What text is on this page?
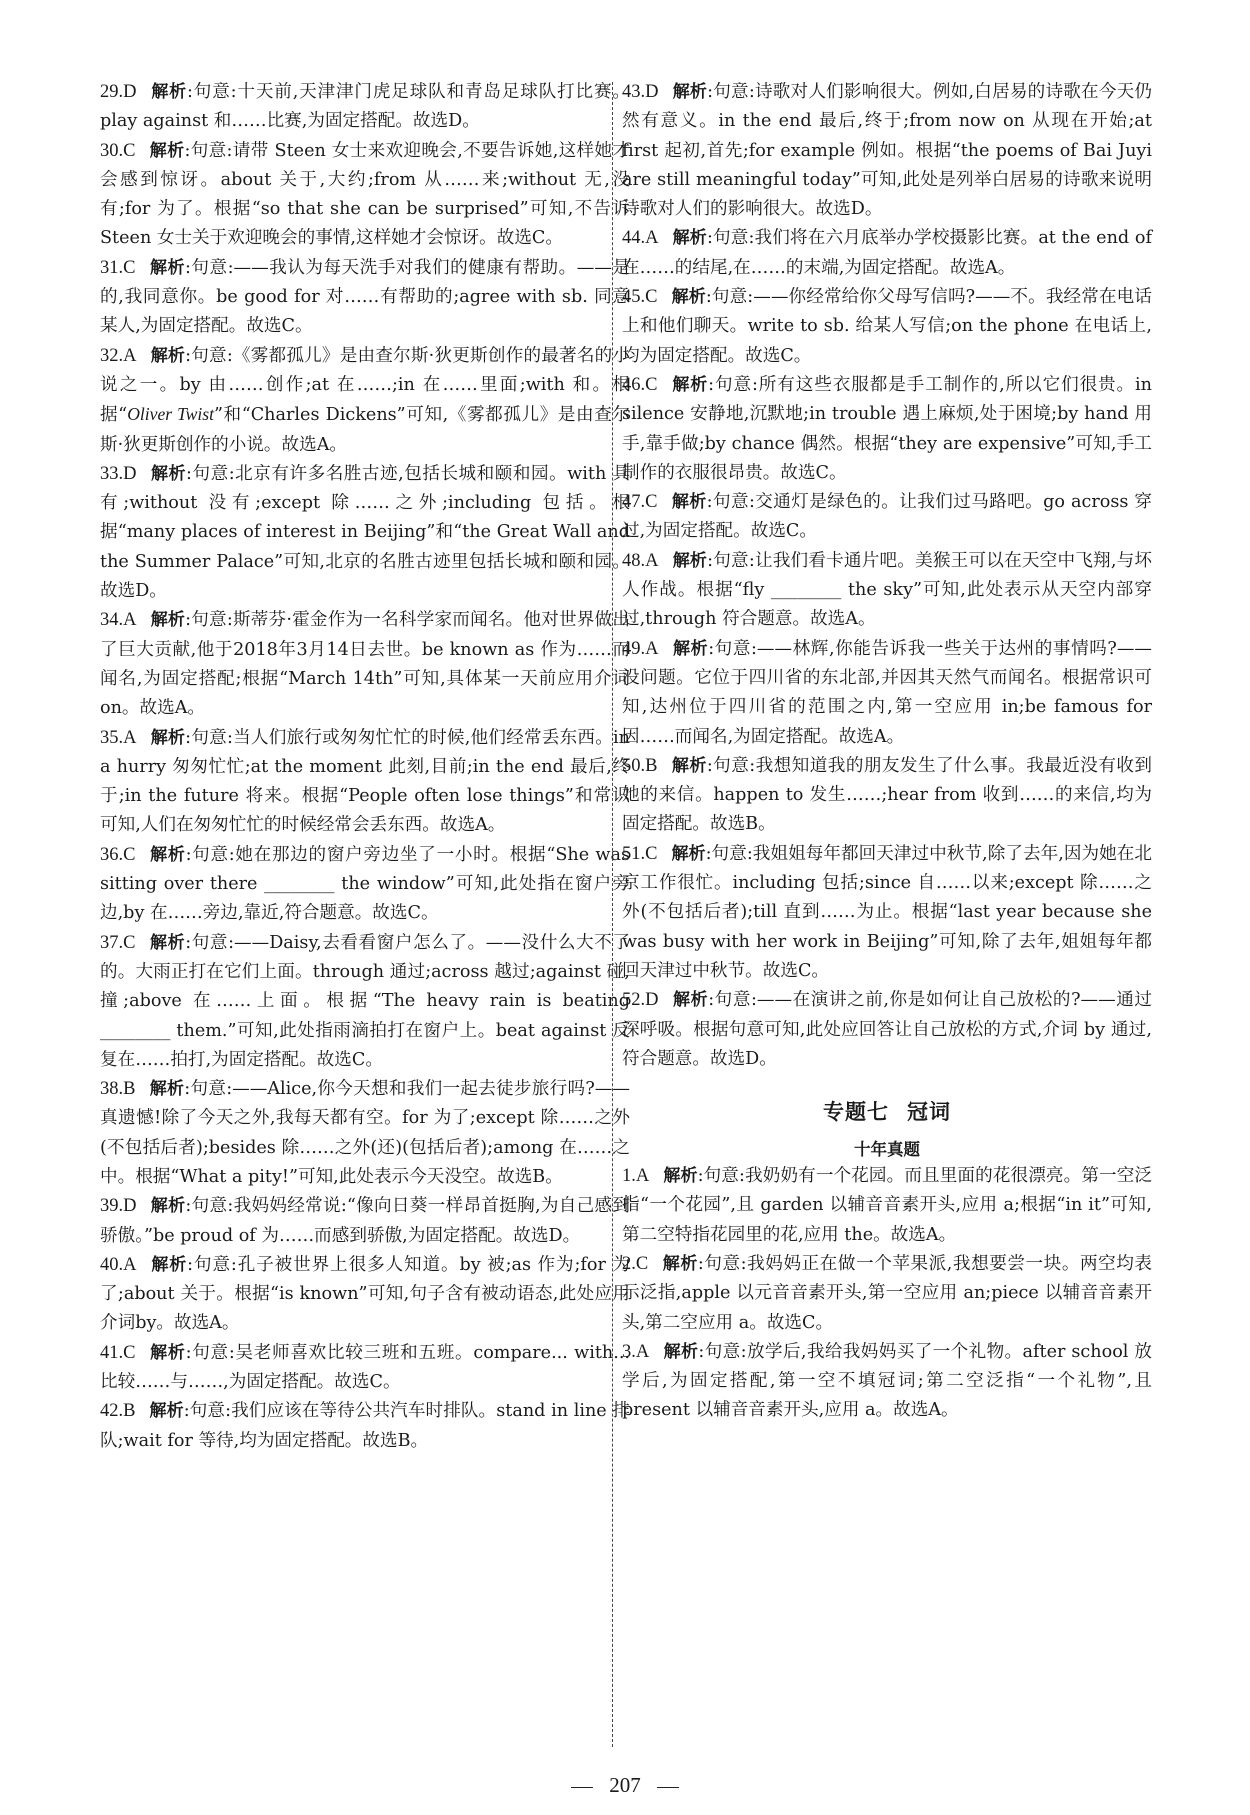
29.D 解析:句意:十天前,天津津门虎足球队和青岛足球队打比赛。play against 和……比赛,为固定搭配。故选D。
30.C 解析:句意:请带 Steen 女士来欢迎晚会,不要告诉她,这样她才会感到惊讶。about 关于,大约;from 从……来;without 无,没有;for 为了。根据“so that she can be surprised”可知,不告诉 Steen 女士关于欢迎晚会的事情,这样她才会惊讶。故选C。
31.C 解析:句意:——我认为每天洗手对我们的健康有帮助。——是的,我同意你。be good for 对……有帮助的;agree with sb. 同意某人,为固定搭配。故选C。
32.A 解析:句意:《雾都孤儿》是由查尔斯·狄更斯创作的最著名的小说之一。by 由……创作;at 在……;in 在……里面;with 和。根据“Oliver Twist”和“Charles Dickens”可知,《雾都孤儿》是由查尔斯·狄更斯创作的小说。故选A。
33.D 解析:句意:北京有许多名胜古迹,包括长城和颐和园。with 具有;without 没有;except 除……之外;including 包括。根据“many places of interest in Beijing”和“the Great Wall and the Summer Palace”可知,北京的名胜古迹里包括长城和颐和园。故选D。
34.A 解析:句意:斯蒂芬·霍金作为一名科学家而闻名。他对世界做出了巨大贡献,他于2018年3月14日去世。be known as 作为……而闻名,为固定搭配;根据“March 14th”可知,具体某一天前应用介词on。故选A。
35.A 解析:句意:当人们旅行或匆匆忙忙的时候,他们经常丢东西。in a hurry 匆匆忙忙;at the moment 此刻,目前;in the end 最后,终于;in the future 将来。根据“People often lose things”和常识可知,人们在匆匆忙忙的时候经常会丢东西。故选A。
36.C 解析:句意:她在那边的窗户旁边坐了一小时。根据“She was sitting over there ________ the window”可知,此处指在窗户旁边,by 在……旁边,靠近,符合题意。故选C。
37.C 解析:句意:——Daisy,去看看窗户怎么了。——没什么大不了的。大雨正打在它们上面。through 通过;across 越过;against 碰,撞;above 在……上面。根据“The heavy rain is beating ________ them.”可知,此处指雨滴拍打在窗户上。beat against 反复在……拍打,为固定搭配。故选C。
38.B 解析:句意:——Alice,你今天想和我们一起去徒步旅行吗?——真遗憾!除了今天之外,我每天都有空。for 为了;except 除……之外(不包括后者);besides 除……之外(还)(包括后者);among 在……之中。根据“What a pity!”可知,此处表示今天没空。故选B。
39.D 解析:句意:我妈妈经常说:“像向日葵一样昂首挺胸,为自己感到骄傲。”be proud of 为……而感到骄傲,为固定搭配。故选D。
40.A 解析:句意:孔子被世界上很多人知道。by 被;as 作为;for 为了;about 关于。根据“is known”可知,句子含有被动语态,此处应用介词by。故选A。
41.C 解析:句意:吴老师喜欢比较三班和五班。compare... with... 比较……与……,为固定搭配。故选C。
42.B 解析:句意:我们应该在等待公共汽车时排队。stand in line 排队;wait for 等待,均为固定搭配。故选B。
43.D 解析:句意:诗歌对人们影响很大。例如,白居易的诗歌在今天仍然有意义。in the end 最后,终于;from now on 从现在开始;at first 起初,首先;for example 例如。根据“the poems of Bai Juyi are still meaningful today”可知,此处是列举白居易的诗歌来说明诗歌对人们的影响很大。故选D。
44.A 解析:句意:我们将在六月底举办学校摄影比赛。at the end of 在……的结尾,在……的末端,为固定搭配。故选A。
45.C 解析:句意:——你经常给你父母写信吗?——不。我经常在电话上和他们聊天。write to sb. 给某人写信;on the phone 在电话上,均为固定搭配。故选C。
46.C 解析:句意:所有这些衣服都是手工制作的,所以它们很贵。in silence 安静地,沉默地;in trouble 遇上麻烦,处于困境;by hand 用手,靠手做;by chance 偶然。根据“they are expensive”可知,手工制作的衣服很昂贵。故选C。
47.C 解析:句意:交通灯是绿色的。让我们过马路吧。go across 穿过,为固定搭配。故选C。
48.A 解析:句意:让我们看卡通片吧。美猴王可以在天空中飞翔,与坏人作战。根据“fly ________ the sky”可知,此处表示从天空内部穿过,through 符合题意。故选A。
49.A 解析:句意:——林辉,你能告诉我一些关于达州的事情吗?——没问题。它位于四川省的东北部,并因其天然气而闻名。根据常识可知,达州位于四川省的范围之内,第一空应用 in;be famous for 因……而闻名,为固定搭配。故选A。
50.B 解析:句意:我想知道我的朋友发生了什么事。我最近没有收到她的来信。happen to 发生……;hear from 收到……的来信,均为固定搭配。故选B。
51.C 解析:句意:我姐姐每年都回天津过中秋节,除了去年,因为她在北京工作很忙。including 包括;since 自……以来;except 除……之外(不包括后者);till 直到……为止。根据“last year because she was busy with her work in Beijing”可知,除了去年,姐姐每年都回天津过中秋节。故选C。
52.D 解析:句意:——在演讲之前,你是如何让自己放松的?——通过深呼吸。根据句意可知,此处应回答让自己放松的方式,介词 by 通过,符合题意。故选D。
专题七 冠词
十年真题
1.A 解析:句意:我奶奶有一个花园。而且里面的花很漂亮。第一空泛指“一个花园”,且 garden 以辅音音素开头,应用 a;根据“in it”可知,第二空特指花园里的花,应用 the。故选A。
2.C 解析:句意:我妈妈正在做一个苹果派,我想要尝一块。两空均表示泛指,apple 以元音音素开头,第一空应用 an;piece 以辅音音素开头,第二空应用 a。故选C。
3.A 解析:句意:放学后,我给我妈妈买了一个礼物。after school 放学后,为固定搭配,第一空不填冠词;第二空泛指“一个礼物”,且 present 以辅音音素开头,应用 a。故选A。
207
